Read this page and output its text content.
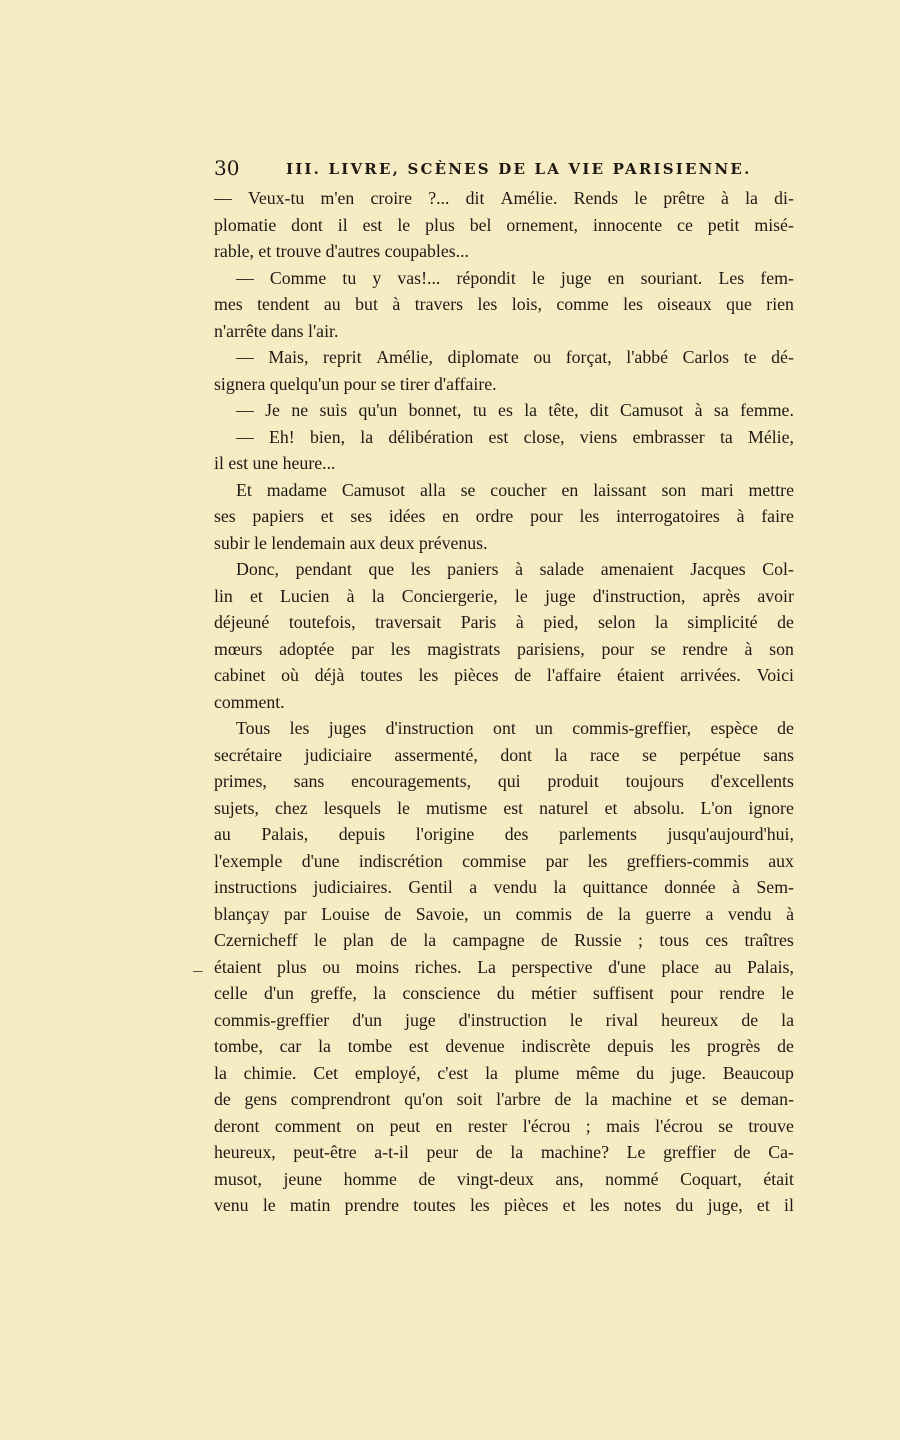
30	III. LIVRE, SCÈNES DE LA VIE PARISIENNE.
— Veux-tu m'en croire ?... dit Amélie. Rends le prêtre à la di-
plomatie dont il est le plus bel ornement, innocente ce petit misé-
rable, et trouve d'autres coupables...
— Comme tu y vas!... répondit le juge en souriant. Les fem-
mes tendent au but à travers les lois, comme les oiseaux que rien
n'arrête dans l'air.
— Mais, reprit Amélie, diplomate ou forçat, l'abbé Carlos te dé-
signera quelqu'un pour se tirer d'affaire.
— Je ne suis qu'un bonnet, tu es la tête, dit Camusot à sa femme.
— Eh! bien, la délibération est close, viens embrasser ta Mélie,
il est une heure...
Et madame Camusot alla se coucher en laissant son mari mettre
ses papiers et ses idées en ordre pour les interrogatoires à faire
subir le lendemain aux deux prévenus.
Donc, pendant que les paniers à salade amenaient Jacques Col-
lin et Lucien à la Conciergerie, le juge d'instruction, après avoir
déjeuné toutefois, traversait Paris à pied, selon la simplicité de
mœurs adoptée par les magistrats parisiens, pour se rendre à son
cabinet où déjà toutes les pièces de l'affaire étaient arrivées. Voici
comment.
Tous les juges d'instruction ont un commis-greffier, espèce de
secrétaire judiciaire assermenté, dont la race se perpétue sans
primes, sans encouragements, qui produit toujours d'excellents
sujets, chez lesquels le mutisme est naturel et absolu. L'on ignore
au Palais, depuis l'origine des parlements jusqu'aujourd'hui,
l'exemple d'une indiscrétion commise par les greffiers-commis aux
instructions judiciaires. Gentil a vendu la quittance donnée à Sem-
blançay par Louise de Savoie, un commis de la guerre a vendu à
Czernicheff le plan de la campagne de Russie ; tous ces traîtres
étaient plus ou moins riches. La perspective d'une place au Palais,
celle d'un greffe, la conscience du métier suffisent pour rendre le
commis-greffier d'un juge d'instruction le rival heureux de la
tombe, car la tombe est devenue indiscrète depuis les progrès de
la chimie. Cet employé, c'est la plume même du juge. Beaucoup
de gens comprendront qu'on soit l'arbre de la machine et se deman-
deront comment on peut en rester l'écrou ; mais l'écrou se trouve
heureux, peut-être a-t-il peur de la machine? Le greffier de Ca-
musot, jeune homme de vingt-deux ans, nommé Coquart, était
venu le matin prendre toutes les pièces et les notes du juge, et il
